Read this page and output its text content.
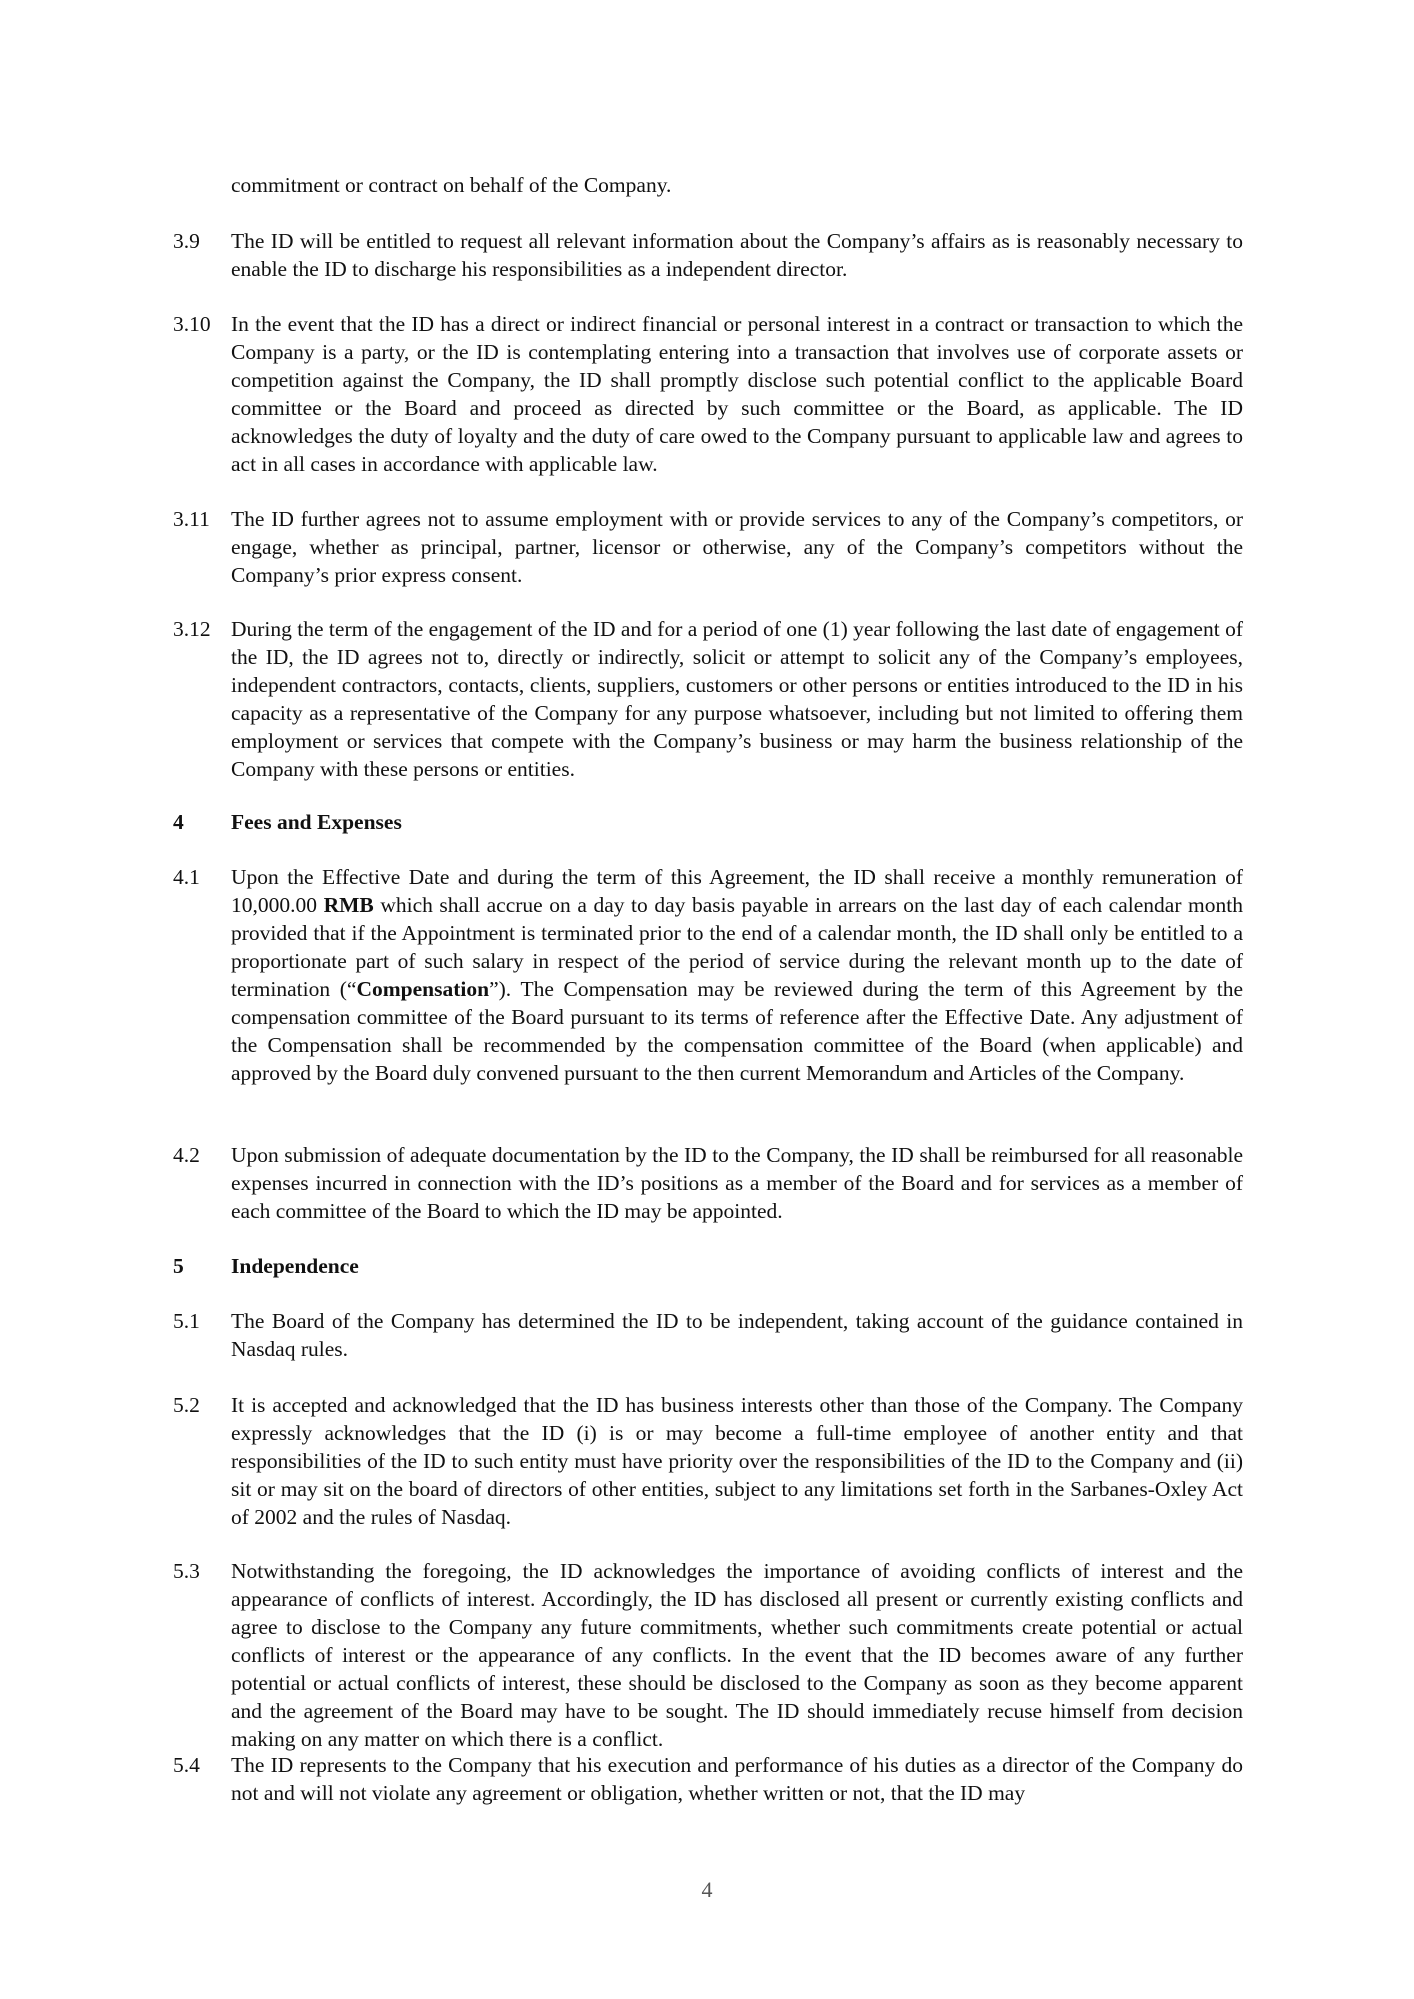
commitment or contract on behalf of the Company.
3.9	The ID will be entitled to request all relevant information about the Company’s affairs as is reasonably necessary to enable the ID to discharge his responsibilities as a independent director.
3.10 In the event that the ID has a direct or indirect financial or personal interest in a contract or transaction to which the Company is a party, or the ID is contemplating entering into a transaction that involves use of corporate assets or competition against the Company, the ID shall promptly disclose such potential conflict to the applicable Board committee or the Board and proceed as directed by such committee or the Board, as applicable. The ID acknowledges the duty of loyalty and the duty of care owed to the Company pursuant to applicable law and agrees to act in all cases in accordance with applicable law.
3.11 The ID further agrees not to assume employment with or provide services to any of the Company’s competitors, or engage, whether as principal, partner, licensor or otherwise, any of the Company’s competitors without the Company’s prior express consent.
3.12 During the term of the engagement of the ID and for a period of one (1) year following the last date of engagement of the ID, the ID agrees not to, directly or indirectly, solicit or attempt to solicit any of the Company’s employees, independent contractors, contacts, clients, suppliers, customers or other persons or entities introduced to the ID in his capacity as a representative of the Company for any purpose whatsoever, including but not limited to offering them employment or services that compete with the Company’s business or may harm the business relationship of the Company with these persons or entities.
4	Fees and Expenses
4.1	Upon the Effective Date and during the term of this Agreement, the ID shall receive a monthly remuneration of 10,000.00 RMB which shall accrue on a day to day basis payable in arrears on the last day of each calendar month provided that if the Appointment is terminated prior to the end of a calendar month, the ID shall only be entitled to a proportionate part of such salary in respect of the period of service during the relevant month up to the date of termination (“Compensation”). The Compensation may be reviewed during the term of this Agreement by the compensation committee of the Board pursuant to its terms of reference after the Effective Date. Any adjustment of the Compensation shall be recommended by the compensation committee of the Board (when applicable) and approved by the Board duly convened pursuant to the then current Memorandum and Articles of the Company.
4.2	Upon submission of adequate documentation by the ID to the Company, the ID shall be reimbursed for all reasonable expenses incurred in connection with the ID’s positions as a member of the Board and for services as a member of each committee of the Board to which the ID may be appointed.
5	Independence
5.1	The Board of the Company has determined the ID to be independent, taking account of the guidance contained in Nasdaq rules.
5.2	It is accepted and acknowledged that the ID has business interests other than those of the Company. The Company expressly acknowledges that the ID (i) is or may become a full-time employee of another entity and that responsibilities of the ID to such entity must have priority over the responsibilities of the ID to the Company and (ii) sit or may sit on the board of directors of other entities, subject to any limitations set forth in the Sarbanes-Oxley Act of 2002 and the rules of Nasdaq.
5.3	Notwithstanding the foregoing, the ID acknowledges the importance of avoiding conflicts of interest and the appearance of conflicts of interest. Accordingly, the ID has disclosed all present or currently existing conflicts and agree to disclose to the Company any future commitments, whether such commitments create potential or actual conflicts of interest or the appearance of any conflicts. In the event that the ID becomes aware of any further potential or actual conflicts of interest, these should be disclosed to the Company as soon as they become apparent and the agreement of the Board may have to be sought. The ID should immediately recuse himself from decision making on any matter on which there is a conflict.
5.4	The ID represents to the Company that his execution and performance of his duties as a director of the Company do not and will not violate any agreement or obligation, whether written or not, that the ID may
4
